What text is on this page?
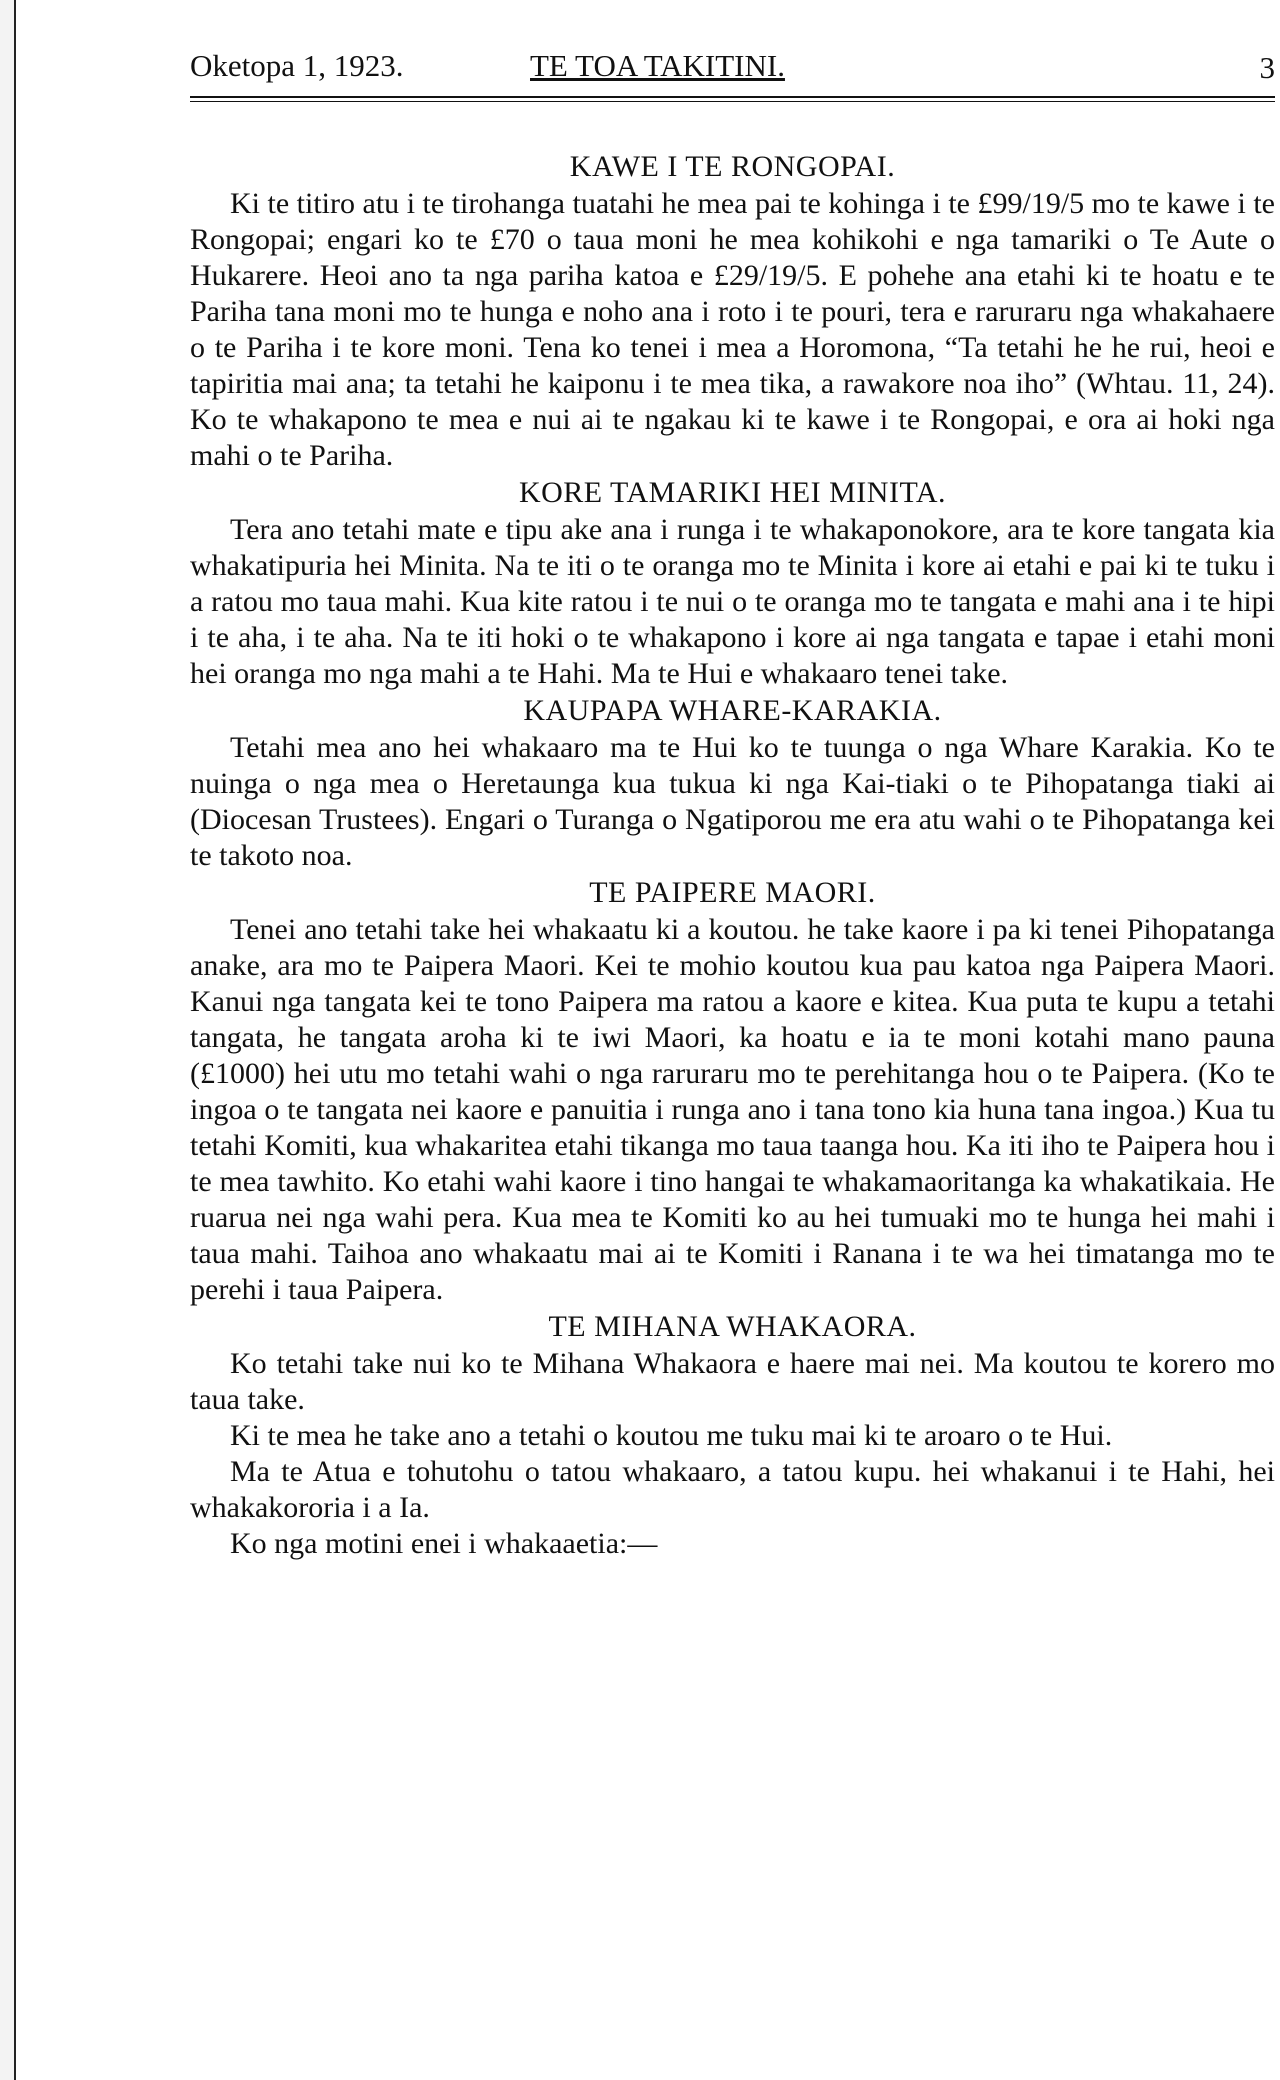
Oketopa 1, 1923.	TE TOA TAKITINI.	3
KAWE I TE RONGOPAI.

Ki te titiro atu i te tirohanga tuatahi he mea pai te kohinga i te £99/19/5 mo te kawe i te Rongopai; engari ko te £70 o taua moni he mea kohikohi e nga tamariki o Te Aute o Hukarere. Heoi ano ta nga pariha katoa e £29/19/5. E pohehe ana etahi ki te hoatu e te Pariha tana moni mo te hunga e noho ana i roto i te pouri, tera e raruraru nga whakahaere o te Pariha i te kore moni. Tena ko tenei i mea a Horomona, “Ta tetahi he he rui, heoi e tapiritia mai ana; ta tetahi he kaiponu i te mea tika, a rawakore noa iho” (Whtau. 11, 24). Ko te whakapono te mea e nui ai te ngakau ki te kawe i te Rongopai, e ora ai hoki nga mahi o te Pariha.

KORE TAMARIKI HEI MINITA.

Tera ano tetahi mate e tipu ake ana i runga i te whakaponokore, ara te kore tangata kia whakatipuria hei Minita. Na te iti o te oranga mo te Minita i kore ai etahi e pai ki te tuku i a ratou mo taua mahi. Kua kite ratou i te nui o te oranga mo te tangata e mahi ana i te hipi i te aha, i te aha. Na te iti hoki o te whakapono i kore ai nga tangata e tapae i etahi moni hei oranga mo nga mahi a te Hahi. Ma te Hui e whakaaro tenei take.

KAUPAPA WHARE-KARAKIA.

Tetahi mea ano hei whakaaro ma te Hui ko te tuunga o nga Whare Karakia. Ko te nuinga o nga mea o Heretaunga kua tukua ki nga Kai-tiaki o te Pihopatanga tiaki ai (Diocesan Trustees). Engari o Turanga o Ngatiporou me era atu wahi o te Pihopatanga kei te takoto noa.

TE PAIPERE MAORI.

Tenei ano tetahi take hei whakaatu ki a koutou. he take kaore i pa ki tenei Pihopatanga anake, ara mo te Paipera Maori. Kei te mohio koutou kua pau katoa nga Paipera Maori. Kanui nga tangata kei te tono Paipera ma ratou a kaore e kitea. Kua puta te kupu a tetahi tangata, he tangata aroha ki te iwi Maori, ka hoatu e ia te moni kotahi mano pauna (£1000) hei utu mo tetahi wahi o nga raruraru mo te perehitanga hou o te Paipera. (Ko te ingoa o te tangata nei kaore e panuitia i runga ano i tana tono kia huna tana ingoa.) Kua tu tetahi Komiti, kua whakaritea etahi tikanga mo taua taanga hou. Ka iti iho te Paipera hou i te mea tawhito. Ko etahi wahi kaore i tino hangai te whakamaoritanga ka whakatikaia. He ruarua nei nga wahi pera. Kua mea te Komiti ko au hei tumuaki mo te hunga hei mahi i taua mahi. Taihoa ano whakaatu mai ai te Komiti i Ranana i te wa hei timatanga mo te perehi i taua Paipera.

TE MIHANA WHAKAORA.

Ko tetahi take nui ko te Mihana Whakaora e haere mai nei. Ma koutou te korero mo taua take.

Ki te mea he take ano a tetahi o koutou me tuku mai ki te aroaro o te Hui.

Ma te Atua e tohutohu o tatou whakaaro, a tatou kupu. hei whakanui i te Hahi, hei whakakororia i a Ia.

Ko nga motini enei i whakaaetia:—
